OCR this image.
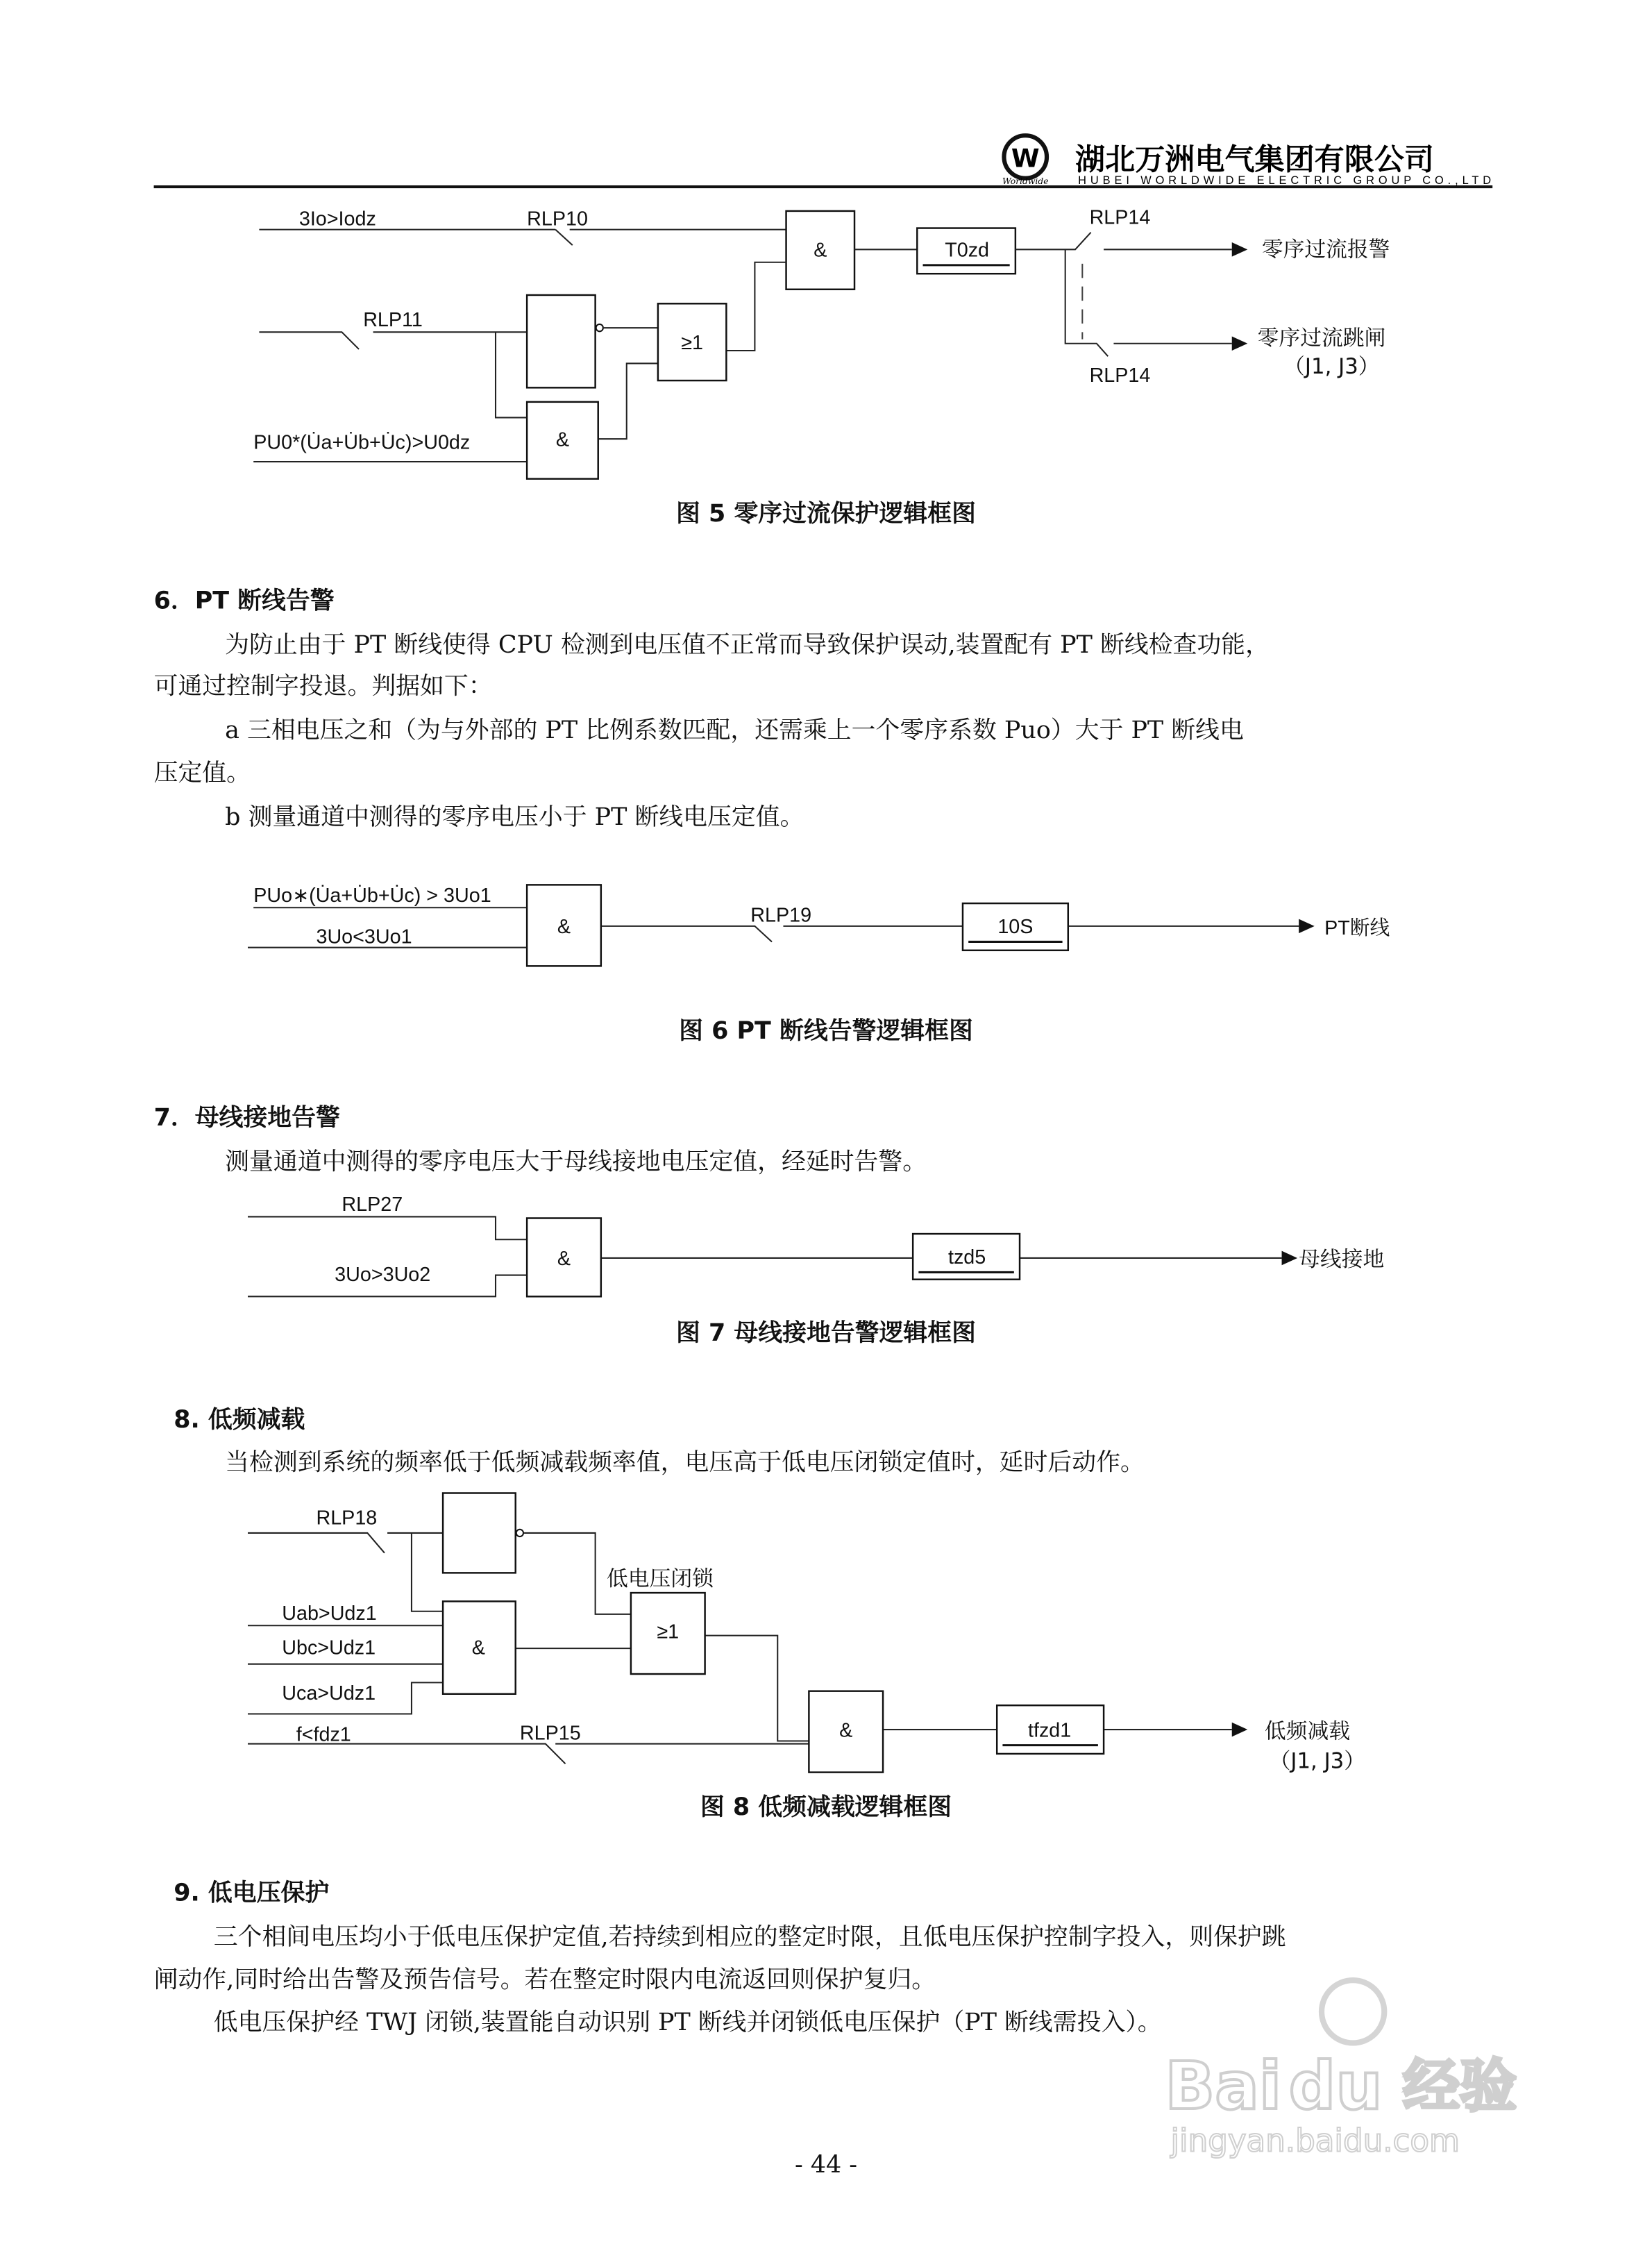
W
Worldwide
湖北万洲电气集团有限公司
HUBEI WORLDWIDE ELECTRIC GROUP CO.,LTD
3Io>Iodz	RLP10
&	T0zd
RLP14
RLP14
零序过流报警
零序过流跳闸
（J1, J3）
RLP11
≥1
&
PU0*(U̇a+U̇b+U̇c)>U0dz
图 5 零序过流保护逻辑框图
6．PT 断线告警
为防止由于 PT 断线使得 CPU 检测到电压值不正常而导致保护误动,装置配有 PT 断线检查功能，
可通过控制字投退。判据如下：
a 三相电压之和（为与外部的 PT 比例系数匹配，还需乘上一个零序系数 Puo）大于 PT 断线电
压定值。
b 测量通道中测得的零序电压小于 PT 断线电压定值。
PUo∗(U̇a+U̇b+U̇c) > 3Uo1
3Uo<3Uo1	&
RLP19
10S	PT断线
图 6 PT 断线告警逻辑框图
7．母线接地告警
测量通道中测得的零序电压大于母线接地电压定值，经延时告警。
RLP27
3Uo>3Uo2
&	tzd5	母线接地
图 7 母线接地告警逻辑框图
8. 低频减载
当检测到系统的频率低于低频减载频率值，电压高于低电压闭锁定值时，延时后动作。
RLP18
低电压闭锁
≥1
&
Uab>Udz1
Ubc>Udz1
Uca>Udz1
f<fdz1	RLP15	&	tfzd1	低频减载
（J1, J3）
图 8 低频减载逻辑框图
9. 低电压保护
三个相间电压均小于低电压保护定值,若持续到相应的整定时限，且低电压保护控制字投入，则保护跳
闸动作,同时给出告警及预告信号。若在整定时限内电流返回则保护复归。
低电压保护经 TWJ 闭锁,装置能自动识别 PT 断线并闭锁低电压保护（PT 断线需投入）。
Bai du 经验
jingyan.baidu.com
- 44 -
